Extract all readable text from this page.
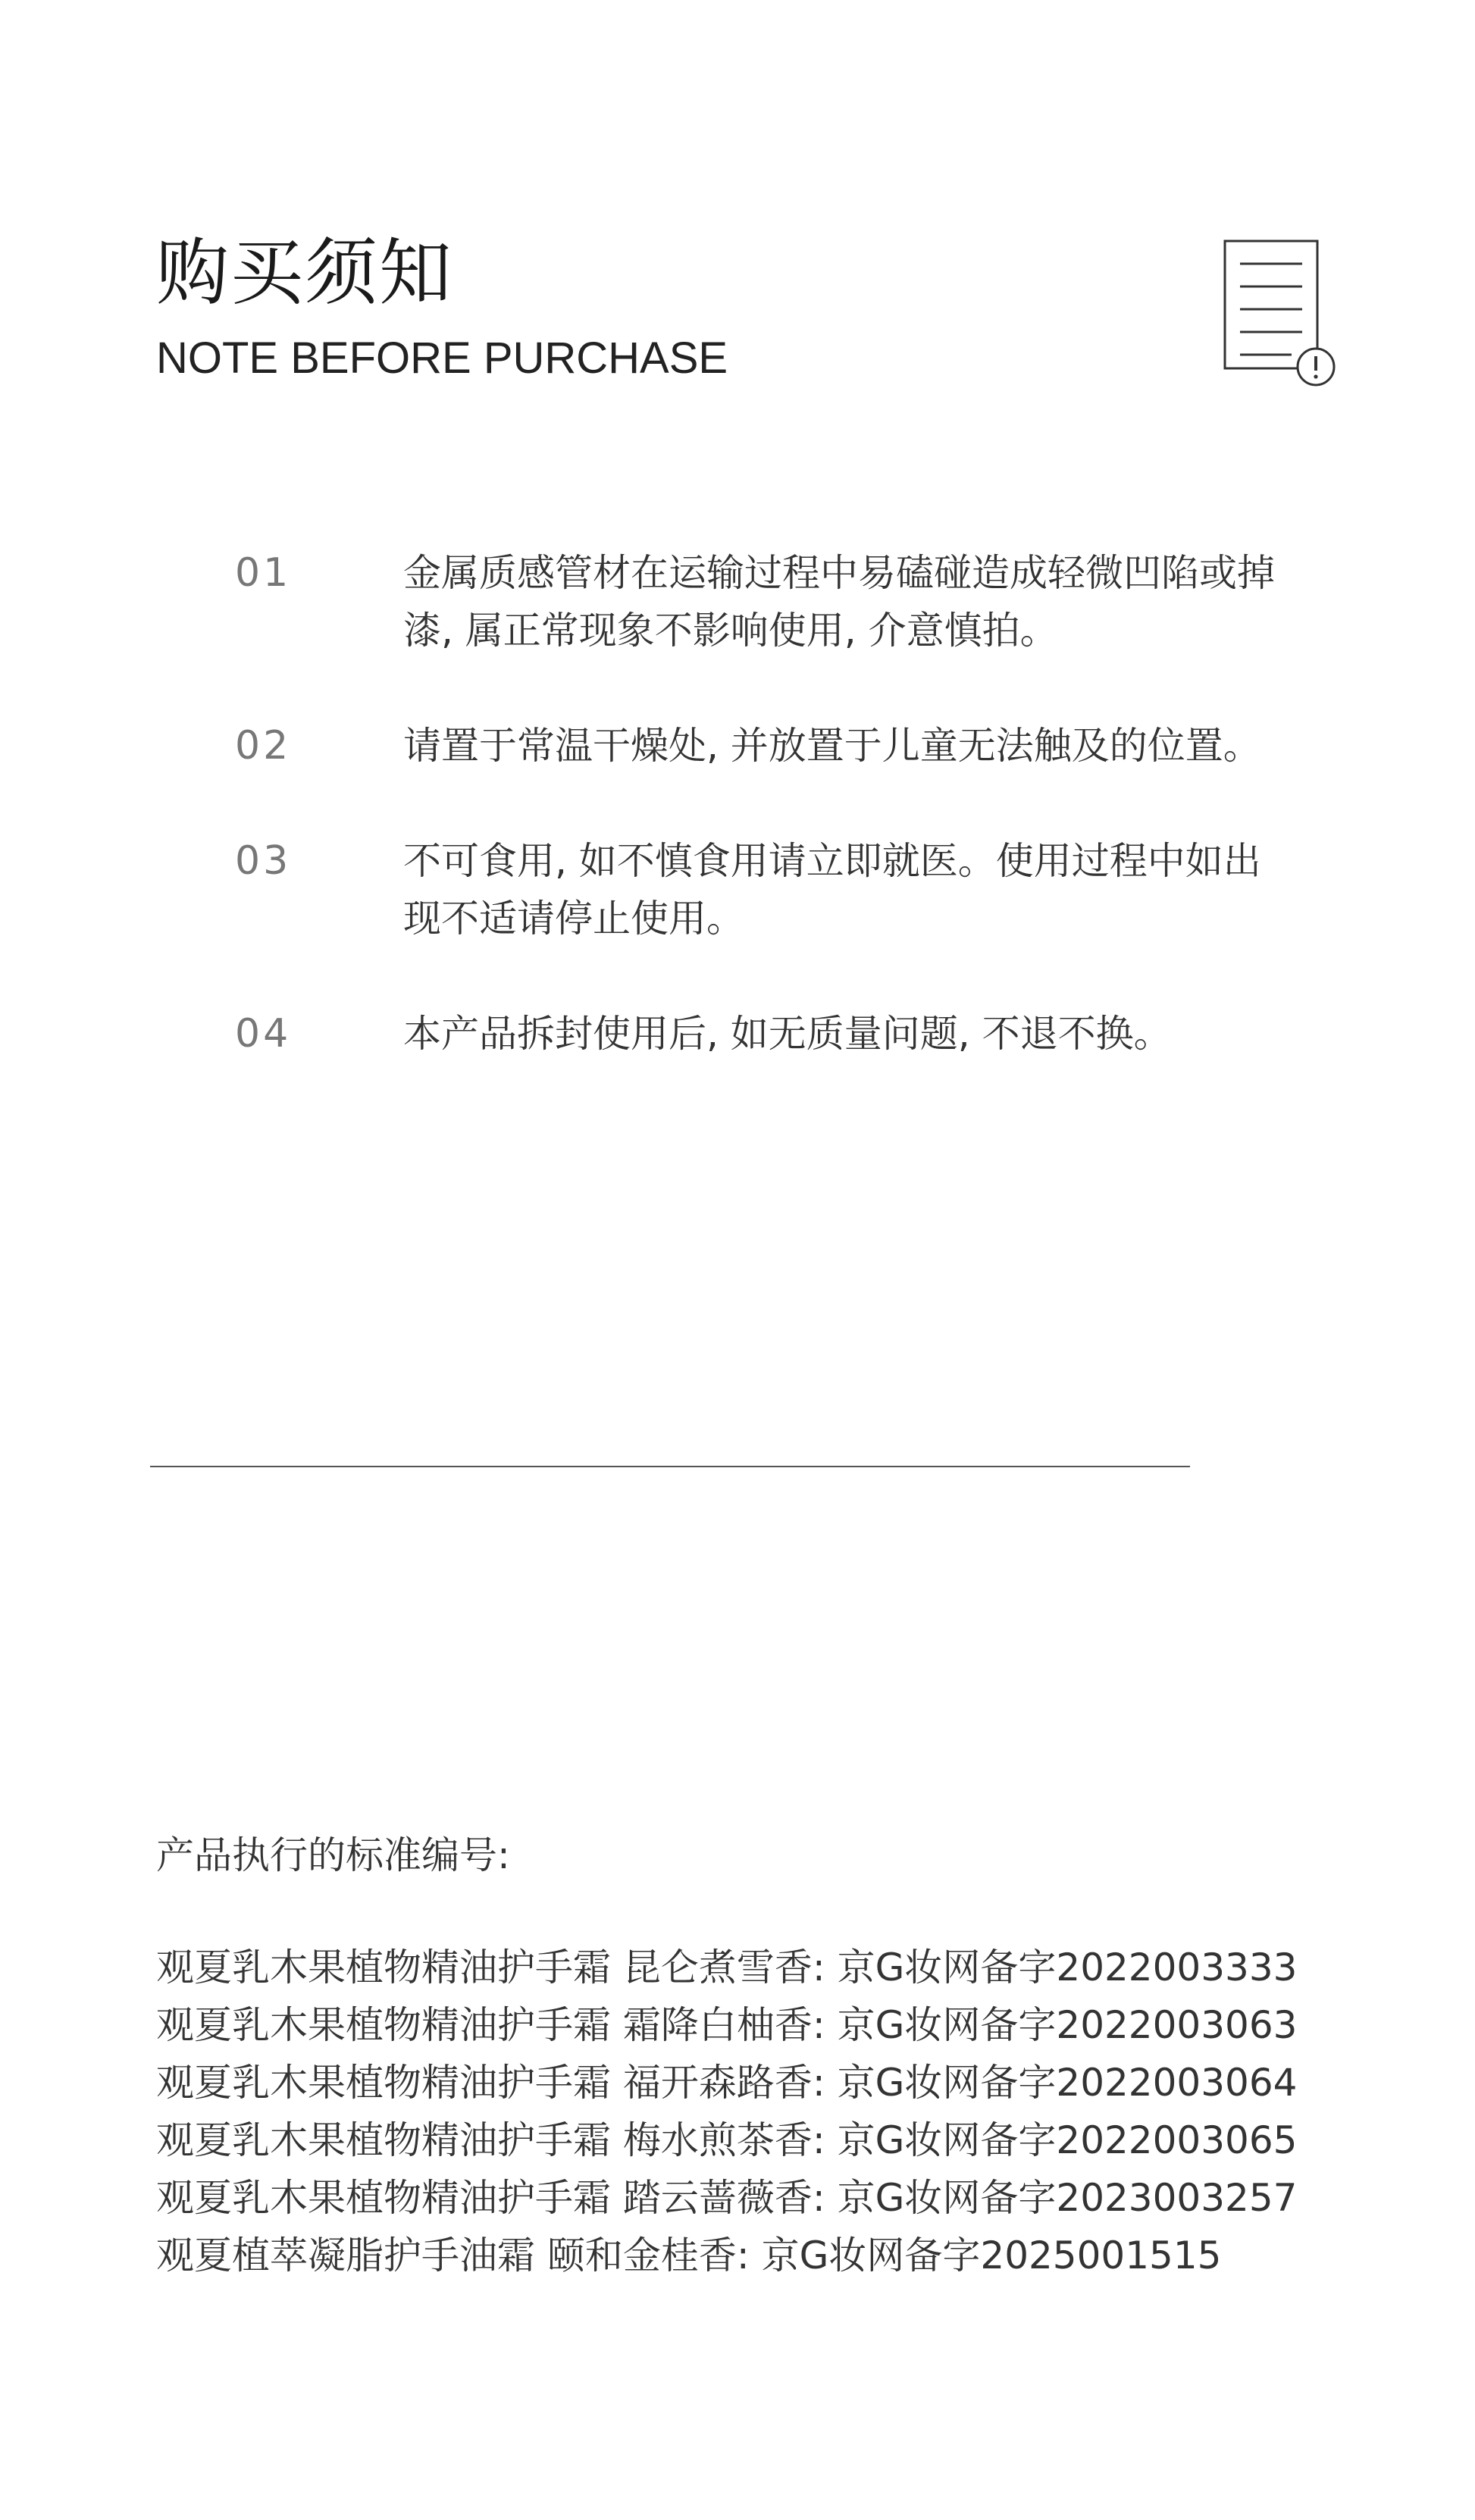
购买须知
NOTE BEFORE PURCHASE
01	金属质感管材在运输过程中易磕碰造成轻微凹陷或掉漆, 属正常现象不影响使用, 介意慎拍。
02	请置于常温干燥处, 并放置于儿童无法触及的位置。
03	不可食用, 如不慎食用请立即就医。使用过程中如出现不适请停止使用。
04	本产品拆封使用后, 如无质量问题, 不退不换。
产品执行的标准编号:
观夏乳木果植物精油护手霜 昆仑煮雪香: 京G妆网备字2022003333
观夏乳木果植物精油护手霜 霜降白柚香: 京G妆网备字2022003063
观夏乳木果植物精油护手霜 福开森路香: 京G妆网备字2022003064
观夏乳木果植物精油护手霜 梅水煎茶香: 京G妆网备字2022003065
观夏乳木果植物精油护手霜 踏云蔷薇香: 京G妆网备字2023003257
观夏植萃凝脂护手油霜 颐和金桂香: 京G妆网备字2025001515
